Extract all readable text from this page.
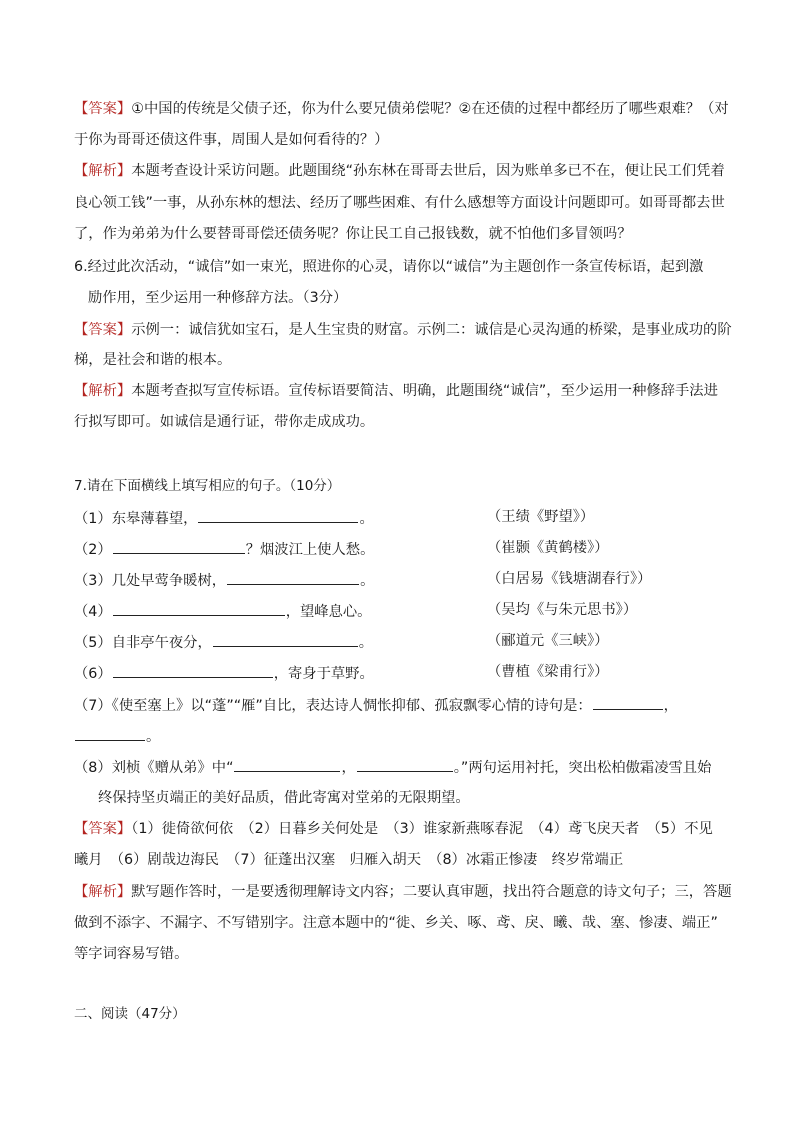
【答案】①中国的传统是父债子还，你为什么要兄债弟偿呢？②在还债的过程中都经历了哪些艰难？（对
于你为哥哥还债这件事，周围人是如何看待的？）
【解析】本题考查设计采访问题。此题围绕“孙东林在哥哥去世后，因为账单多已不在，便让民工们凭着
良心领工钱”一事，从孙东林的想法、经历了哪些困难、有什么感想等方面设计问题即可。如哥哥都去世
了，作为弟弟为什么要替哥哥偿还债务呢？你让民工自己报钱数，就不怕他们多冒领吗？
6.经过此次活动，“诚信”如一束光，照进你的心灵，请你以“诚信”为主题创作一条宣传标语，起到激
励作用，至少运用一种修辞方法。（3分）
【答案】示例一：诚信犹如宝石，是人生宝贵的财富。示例二：诚信是心灵沟通的桥梁，是事业成功的阶
梯，是社会和谐的根本。
【解析】本题考查拟写宣传标语。宣传标语要简洁、明确，此题围绕“诚信”，至少运用一种修辞手法进
行拟写即可。如诚信是通行证，带你走成成功。
7.请在下面横线上填写相应的句子。（10分）
（1）东皋薄暮望，	。	（王绩《野望》）
（2）	？烟波江上使人愁。	（崔颢《黄鹤楼》）
（3）几处早莺争暖树，	。	（白居易《钱塘湖春行》）
（4）	，望峰息心。	（吴均《与朱元思书》）
（5）自非亭午夜分，	。	（郦道元《三峡》）
（6）	，寄身于草野。	（曹植《梁甫行》）
（7）《使至塞上》以“蓬”“雁”自比，表达诗人惆怅抑郁、孤寂飘零心情的诗句是：	，
。
（8）刘桢《赠从弟》中“	，	。”两句运用衬托，突出松柏傲霜凌雪且始
终保持坚贞端正的美好品质，借此寄寓对堂弟的无限期望。
【答案】（1）徙倚欲何依　（2）日暮乡关何处是　（3）谁家新燕啄春泥　（4）鸢飞戾天者　（5）不见
曦月　（6）剧哉边海民　（7）征蓬出汉塞　归雁入胡天　（8）冰霜正惨凄　终岁常端正
【解析】默写题作答时，一是要透彻理解诗文内容；二要认真审题，找出符合题意的诗文句子；三，答题
做到不添字、不漏字、不写错别字。注意本题中的“徙、乡关、啄、鸢、戾、曦、哉、塞、惨凄、端正”
等字词容易写错。
二、阅读（47分）
